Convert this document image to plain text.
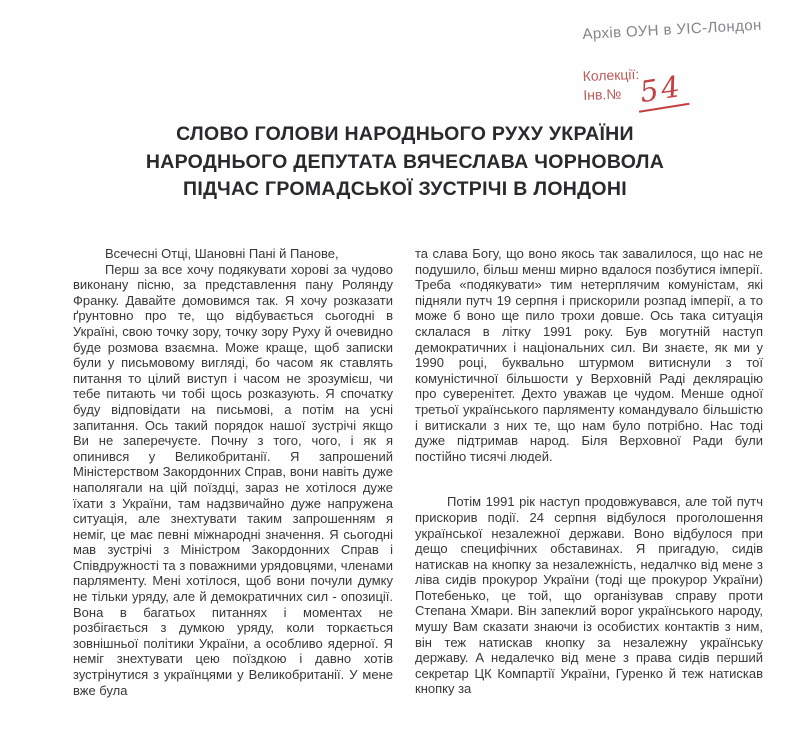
Архів ОУН в УІС-Лондон
Колекції:
Інв.№ 54
СЛОВО ГОЛОВИ НАРОДНЬОГО РУХУ УКРАЇНИ
НАРОДНЬОГО ДЕПУТАТА ВЯЧЕСЛАВА ЧОРНОВОЛА
ПІДЧАС ГРОМАДСЬКОЇ ЗУСТРІЧІ В ЛОНДОНІ

Всечесні Отці, Шановні Пані й Панове,

Перш за все хочу подякувати хорові за чудово виконану пісню, за представлення пану Ролянду Франку. Давайте домовимся так. Я хочу розказати ґрунтовно про те, що відбувається сьогодні в Україні, свою точку зору, точку зору Руху й очевидно буде розмова взаємна. Може краще, щоб записки були у письмовому вигляді, бо часом як ставлять питання то цілий виступ і часом не зрозумієш, чи тебе питають чи тобі щось розказують. Я спочатку буду відповідати на письмові, а потім на усні запитання. Ось такий порядок нашої зустрічі якщо Ви не заперечуєте. Почну з того, чого, і як я опинився у Великобританії. Я запрошений Міністерством Закордонних Справ, вони навіть дуже наполягали на цій поїздці, зараз не хотілося дуже їхати з України, там надзвичайно дуже напружена ситуація, але знехтувати таким запрошенням я неміг, це має певні міжнародні значення. Я сьогодні мав зустрічі з Міністром Закордонних Справ і Співдружності та з поважними урядовцями, членами парляменту. Мені хотілося, щоб вони почули думку не тільки уряду, але й демократичних сил - опозиції. Вона в багатьох питаннях і моментах не розбігається з думкою уряду, коли торкається зовнішньої політики України, а особливо ядерної. Я неміг знехтувати цею поїздкою і давно хотів зустрінутися з українцями у Великобританії. У мене вже була

та слава Богу, що воно якось так завалилося, що нас не подушило, більш менш мирно вдалося позбутися імперії. Треба «подякувати» тим нетерплячим комуністам, які підняли путч 19 серпня і прискорили розпад імперії, а то може б воно ще пило трохи довше. Ось така ситуація склалася в літку 1991 року. Був могутній наступ демократичних і національних сил. Ви знаєте, як ми у 1990 році, буквально штурмом витиснули з тої комуністичної більшости у Верховній Раді деклярацію про суверенітет. Дехто уважав це чудом. Менше одної третьої українського парляменту командувало більшістю і витискали з них те, що нам було потрібно. Нас тоді дуже підтримав народ. Біля Верховної Ради були постійно тисячі людей.

Потім 1991 рік наступ продовжувався, але той путч прискорив події. 24 серпня відбулося проголошення української незалежної держави. Воно відбулося при дещо специфічних обставинах. Я пригадую, сидів натискав на кнопку за незалежність, недалчко від мене з ліва сидів прокурор України (тоді ще прокурор України) Потебенько, це той, що організував справу проти Степана Хмари. Він запеклий ворог українського народу, мушу Вам сказати знаючи із особистих контактів з ним, він теж натискав кнопку за незалежну українську державу. А недалечко від мене з права сидів перший секретар ЦК Компартії України, Гуренко й теж натискав кнопку за
